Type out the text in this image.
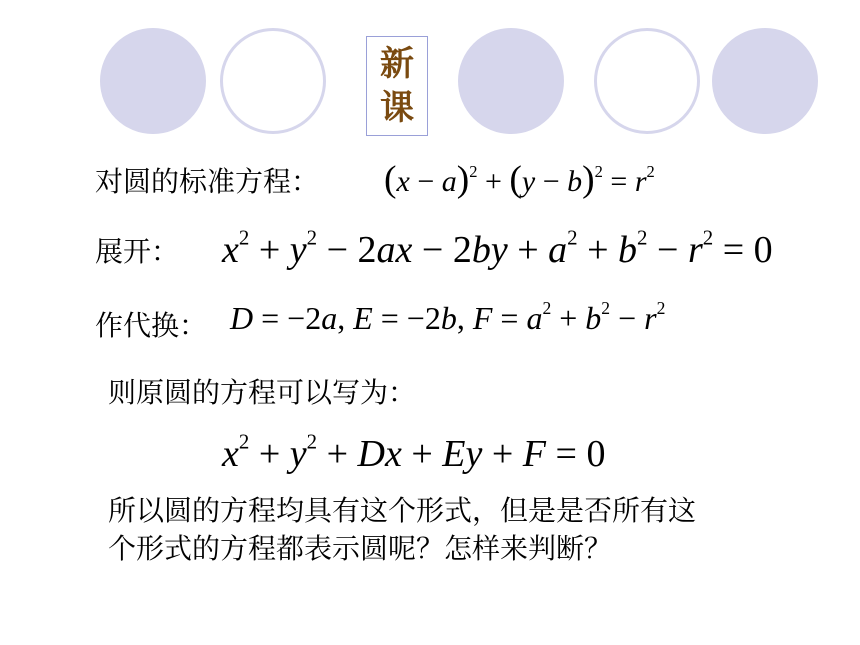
新
课
对圆的标准方程： $(x - a)^2 + (y - b)^2 = r^2$
展开： $x^2 + y^2 - 2ax - 2by + a^2 + b^2 - r^2 = 0$
作代换： D = −2a, E = −2b, $F = a^2 + b^2 - r^2$
则原圆的方程可以写为：
$x^2 + y^2 + Dx + Ey + F = 0$
所以圆的方程均具有这个形式，但是是否所有这
个形式的方程都表示圆呢？怎样来判断？
